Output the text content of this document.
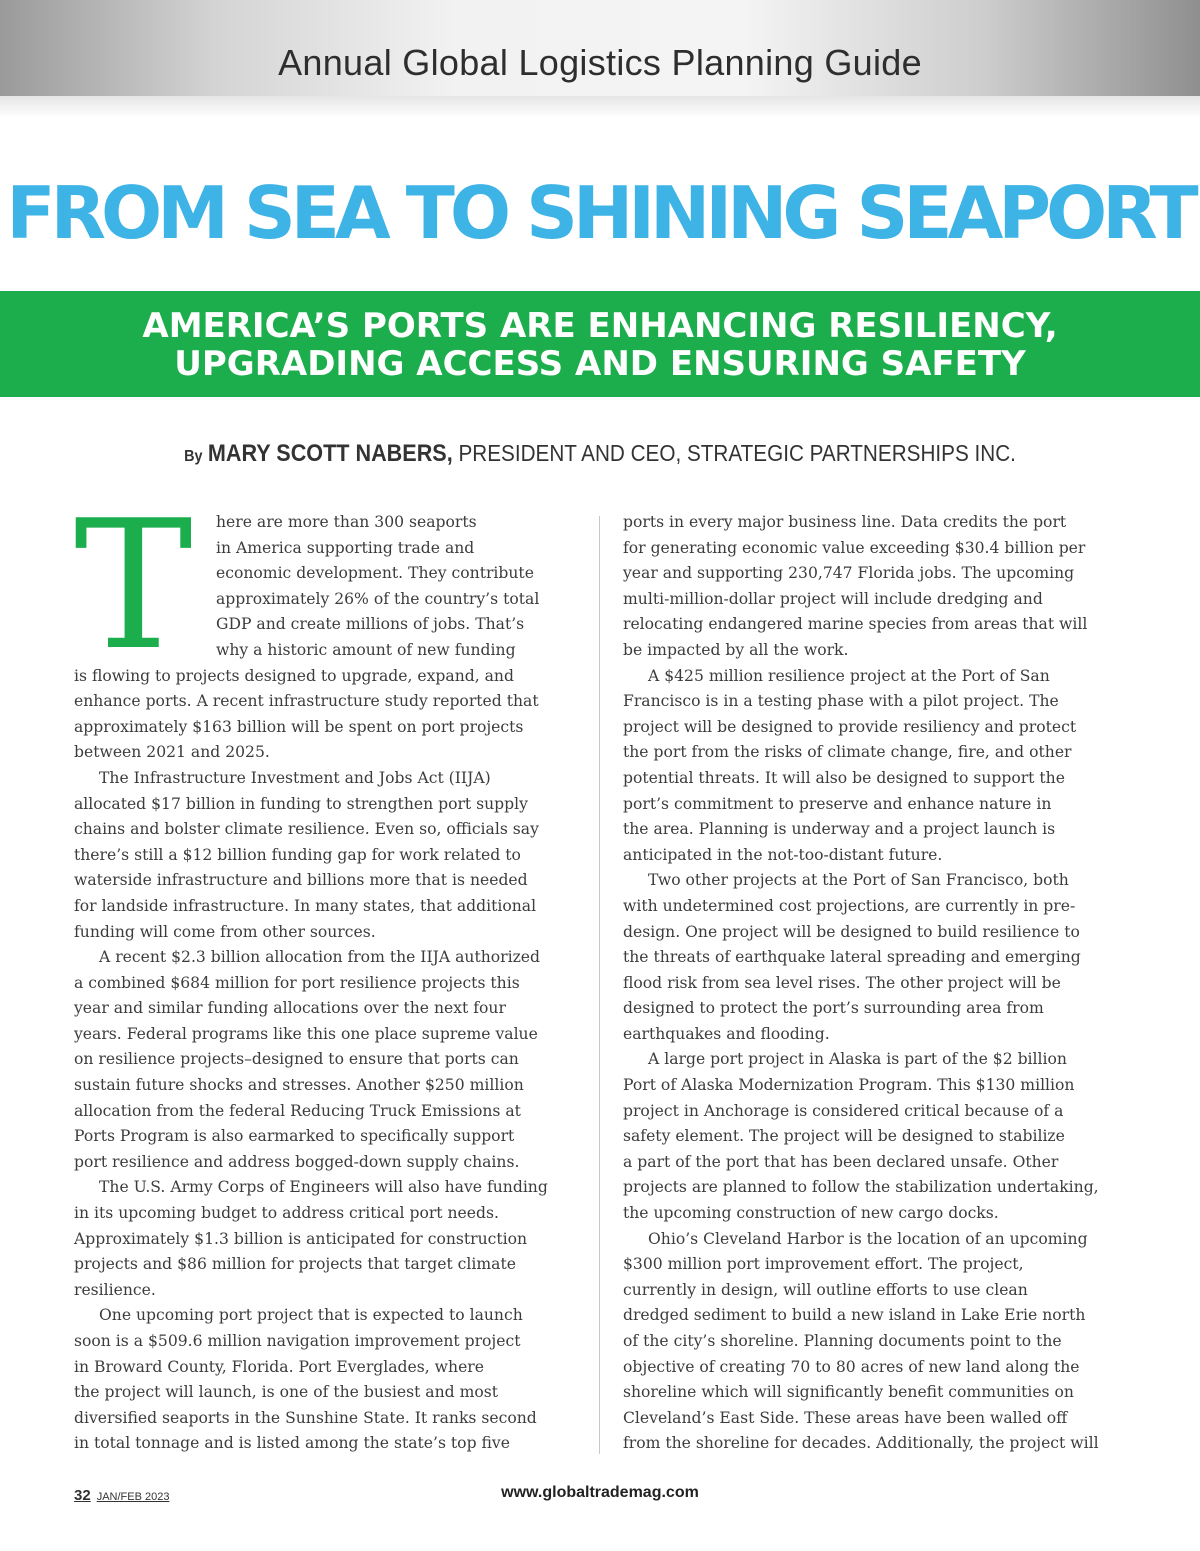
Annual Global Logistics Planning Guide
FROM SEA TO SHINING SEAPORT
AMERICA’S PORTS ARE ENHANCING RESILIENCY,
UPGRADING ACCESS AND ENSURING SAFETY
By MARY SCOTT NABERS, PRESIDENT AND CEO, STRATEGIC PARTNERSHIPS INC.
T	here are more than 300 seaports

in America supporting trade and

economic development. They contribute

approximately 26% of the country’s total

GDP and create millions of jobs. That’s

why a historic amount of new funding

is flowing to projects designed to upgrade, expand, and

enhance ports. A recent infrastructure study reported that

approximately $163 billion will be spent on port projects

between 2021 and 2025.

The Infrastructure Investment and Jobs Act (IIJA)

allocated $17 billion in funding to strengthen port supply

chains and bolster climate resilience. Even so, officials say

there’s still a $12 billion funding gap for work related to

waterside infrastructure and billions more that is needed

for landside infrastructure. In many states, that additional

funding will come from other sources.

A recent $2.3 billion allocation from the IIJA authorized

a combined $684 million for port resilience projects this

year and similar funding allocations over the next four

years. Federal programs like this one place supreme value

on resilience projects–designed to ensure that ports can

sustain future shocks and stresses. Another $250 million

allocation from the federal Reducing Truck Emissions at

Ports Program is also earmarked to specifically support

port resilience and address bogged-down supply chains.

The U.S. Army Corps of Engineers will also have funding

in its upcoming budget to address critical port needs.

Approximately $1.3 billion is anticipated for construction

projects and $86 million for projects that target climate

resilience.

One upcoming port project that is expected to launch

soon is a $509.6 million navigation improvement project

in Broward County, Florida. Port Everglades, where

the project will launch, is one of the busiest and most

diversified seaports in the Sunshine State. It ranks second

in total tonnage and is listed among the state’s top five

ports in every major business line. Data credits the port

for generating economic value exceeding $30.4 billion per

year and supporting 230,747 Florida jobs. The upcoming

multi-million-dollar project will include dredging and

relocating endangered marine species from areas that will

be impacted by all the work.

A $425 million resilience project at the Port of San

Francisco is in a testing phase with a pilot project. The

project will be designed to provide resiliency and protect

the port from the risks of climate change, fire, and other

potential threats. It will also be designed to support the

port’s commitment to preserve and enhance nature in

the area. Planning is underway and a project launch is

anticipated in the not-too-distant future.

Two other projects at the Port of San Francisco, both

with undetermined cost projections, are currently in pre-

design. One project will be designed to build resilience to

the threats of earthquake lateral spreading and emerging

flood risk from sea level rises. The other project will be

designed to protect the port’s surrounding area from

earthquakes and flooding.

A large port project in Alaska is part of the $2 billion

Port of Alaska Modernization Program. This $130 million

project in Anchorage is considered critical because of a

safety element. The project will be designed to stabilize

a part of the port that has been declared unsafe. Other

projects are planned to follow the stabilization undertaking,

the upcoming construction of new cargo docks.

Ohio’s Cleveland Harbor is the location of an upcoming

$300 million port improvement effort. The project,

currently in design, will outline efforts to use clean

dredged sediment to build a new island in Lake Erie north

of the city’s shoreline. Planning documents point to the

objective of creating 70 to 80 acres of new land along the

shoreline which will significantly benefit communities on

Cleveland’s East Side. These areas have been walled off

from the shoreline for decades. Additionally, the project will

32 JAN/FEB 2023	www.globaltrademag.com
